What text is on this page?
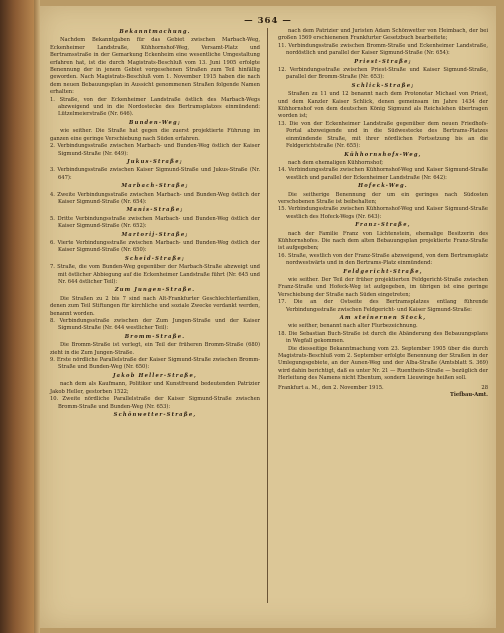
— 364 —
Bekanntmachung.
Nachdem Bekanntgaben für das Gebiet zwischen Marbach-Weg, Eckenheimer Landstraße, Kühhornshof-Weg, Versamt-Platz und Bertramsstraße in der Gemarkung Eckenheim eine wesentliche Umgestaltung erfahren hat, ist die durch Magistrats-Beschluß vom 13. Juni 1905 erfolgte Benennung der in jenem Gebiet vorgesehenen Straßen zum Teil hinfällig geworden. Nach Magistrats-Beschluß vom 1. November 1915 haben die nach dem neuen Bebauungsplan in Aussicht genommenen Straßen folgende Namen erhalten:
1. Straße, von der Eckenheimer Landstraße östlich des Marbach-Wegs abzweigend und in die Nordostecke des Bertramsplatzes einmündend: Lützelmeierstraße (Nr. 646).
Bunden-Weg;
wie seither. Die Straße hat gegen die zuerst projektierte Führung im ganzen eine geringe Verschiebung nach Süden erfahren.
2. Verbindungsstraße zwischen Marbach- und Bunden-Weg östlich der Kaiser Sigmund-Straße (Nr. 649):
Jukus-Straße;
3. Verbindungsstraße zwischen Kaiser Sigmund-Straße und Jukus-Straße (Nr. 647):
Marbach-Straße;
4. Zweite Verbindungsstraße zwischen Marbach- und Bunden-Weg östlich der Kaiser Sigmund-Straße (Nr. 654):
Manis-Straße;
5. Dritte Verbindungsstraße zwischen Marbach- und Bunden-Weg östlich der Kaiser Sigmund-Straße (Nr. 652):
Martorij-Straße;
6. Vierte Verbindungsstraße zwischen Marbach- und Bunden-Weg östlich der Kaiser Sigmund-Straße (Nr. 650):
Scheid-Straße;
7. Straße, die vom Bunden-Weg gegenüber der Marbach-Straße abzweigt und mit östlicher Abbiegung auf die Eckenheimer Landstraße führt (Nr. 645 und Nr. 644 östlicher Teil):
Zum Jungen-Straße.
Die Straßen zu 2 bis 7 sind nach Alt-Frankfurter Geschlechterfamilien, denen zum Teil Stiftungen für kirchliche und soziale Zwecke verdankt werden, benannt worden.
8. Verbindungsstraße zwischen der Zum Jungen-Straße und der Kaiser Sigmund-Straße (Nr. 644 westlicher Teil):
Bromm-Straße.
Die Bromm-Straße ist verlegt, ein Teil der früheren Bromm-Straße (680) zieht in die Zum Jungen-Straße.
9. Erste nördliche Parallelstraße der Kaiser Sigmund-Straße zwischen Bromm-Straße und Bunden-Weg (Nr. 650):
Jakob Heller-Straße,
nach dem als Kaufmann, Politiker und Kunstfreund bedeutenden Patrizier Jakob Heller, gestorben 1522;
10. Zweite nördliche Parallelstraße der Kaiser Sigmund-Straße zwischen Bromm-Straße und Bunden-Weg (Nr. 653):
Schönwetter-Straße,
nach dem Patrizier und Juristen Adam Schönwetter von Heimbach, der bei großen 1569 erschienenen Frankfurter Gesetzbuch bearbeitete;
11. Verbindungsstraße zwischen Bromm-Straße und Eckenheimer Landstraße, nordöstlich und parallel der Kaiser Sigmund-Straße (Nr. 654):
Priest-Straße;
12. Verbindungsstraße zwischen Priest-Straße und Kaiser Sigmund-Straße, parallel der Bromm-Straße (Nr. 653):
Schlick-Straße;
Straßen zu 11 und 12 benannt nach dem Protonotar Michael von Priest, und dem Kanzler Kaiser Schlick, denen gemeinsam im Jahre 1434 der Kühhornshof von dem deutschen König Sigmund als Reichslehen übertragen worden ist;
13. Die von der Eckenheimer Landstraße gegenüber dem neuen Friedhofs-Portal abzweigende und in die Südwestecke des Bertrams-Platzes einmündende Straße, mit ihrer nördlichen Fortsetzung bis an die Feldgerichtstraße (Nr. 655):
Kühhornshofs-Weg,
nach dem ehemaligen Kühhornshof;
14. Verbindungsstraße zwischen Kühhornshof-Weg und Kaiser Sigmund-Straße westlich und parallel der Eckenheimer Landstraße (Nr. 642):
Hofeck-Weg.
Die seitherige Benennung der um ein geringes nach Südosten verschobenen Straße ist beibehalten;
15. Verbindungsstraße zwischen Kühhornshof-Weg und Kaiser Sigmund-Straße westlich des Hofeck-Wegs (Nr. 643):
Franz-Straße,
nach der Familie Franz von Lichtenstein, ehemalige Besitzerin des Kühhornshofes. Die nach dem alten Bebauungsplan projektierte Franz-Straße ist aufgegeben;
16. Straße, westlich von der Franz-Straße abzweigend, von dem Bertramsplatz nordwestwärts und in den Bertrams-Platz einmündend:
Feldgericht-Straße,
wie seither. Der Teil der früher projektierten Feldgericht-Straße zwischen Franz-Straße und Hofeck-Weg ist aufgegeben, im übrigen ist eine geringe Verschiebung der Straße nach Süden eingetreten;
17. Die an der Ostseite des Bertramsplatzes entlang führende Verbindungsstraße zwischen Feldgericht- und Kaiser Sigmund-Straße:
Am steinernen Stock,
wie seither, benannt nach alter Flurbezeichnung.
18. Die Sebastian Buch-Straße ist durch die Abänderung des Bebauungsplans in Wegfall gekommen.
Die diesseitige Bekanntmachung vom 23. September 1905 über die durch Magistrats-Beschluß vom 2. September erfolgte Benennung der Straßen in der Umlegungsgebiete, an der Aunen-Weg und der Alba-Straße (Amtsblatt S. 369) wird dahin berichtigt, daß es unter Nr. 21 — Ruenthein-Straße — bezüglich der Herleitung des Namens nicht Ebentum, sondern Lieuwinge heißen soll.
Frankfurt a. M., den 2. November 1915.	28
Tiefbau-Amt.
